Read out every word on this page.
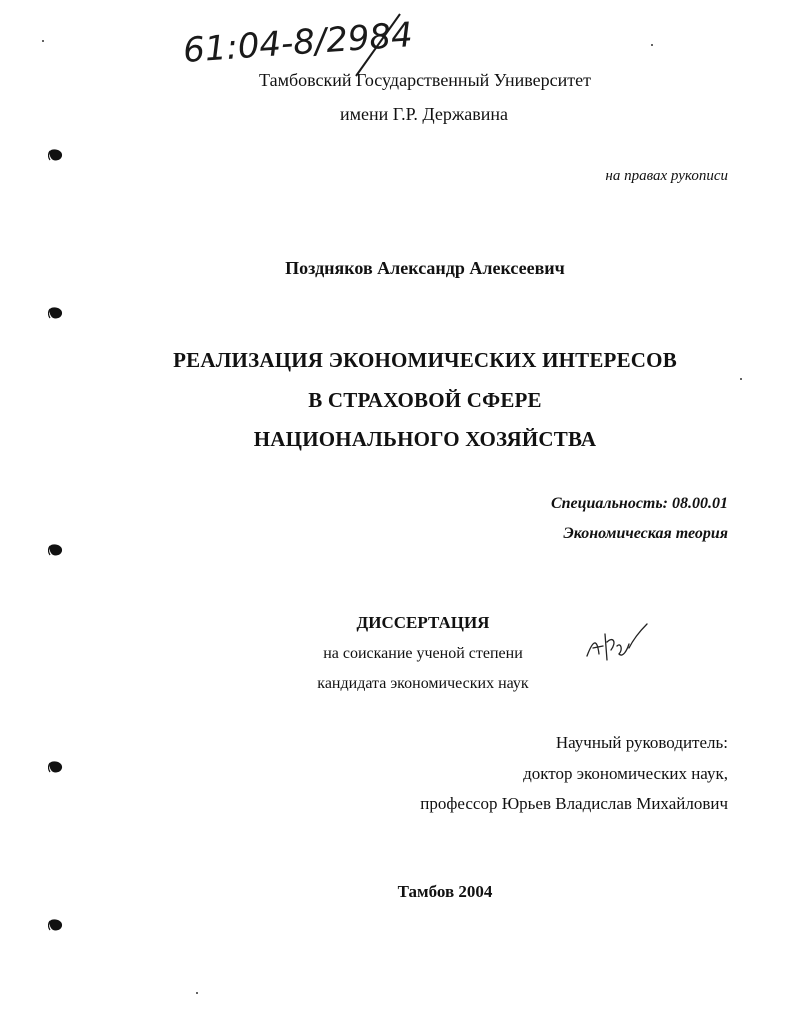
61:04-8/2984
Тамбовский Государственный Университет
имени Г.Р. Державина
на правах рукописи
Поздняков Александр Алексеевич
РЕАЛИЗАЦИЯ ЭКОНОМИЧЕСКИХ ИНТЕРЕСОВ
В СТРАХОВОЙ СФЕРЕ
НАЦИОНАЛЬНОГО ХОЗЯЙСТВА
Специальность: 08.00.01
Экономическая теория
ДИССЕРТАЦИЯ
на соискание ученой степени
кандидата экономических наук
Научный руководитель:
доктор экономических наук,
профессор Юрьев Владислав Михайлович
Тамбов 2004
